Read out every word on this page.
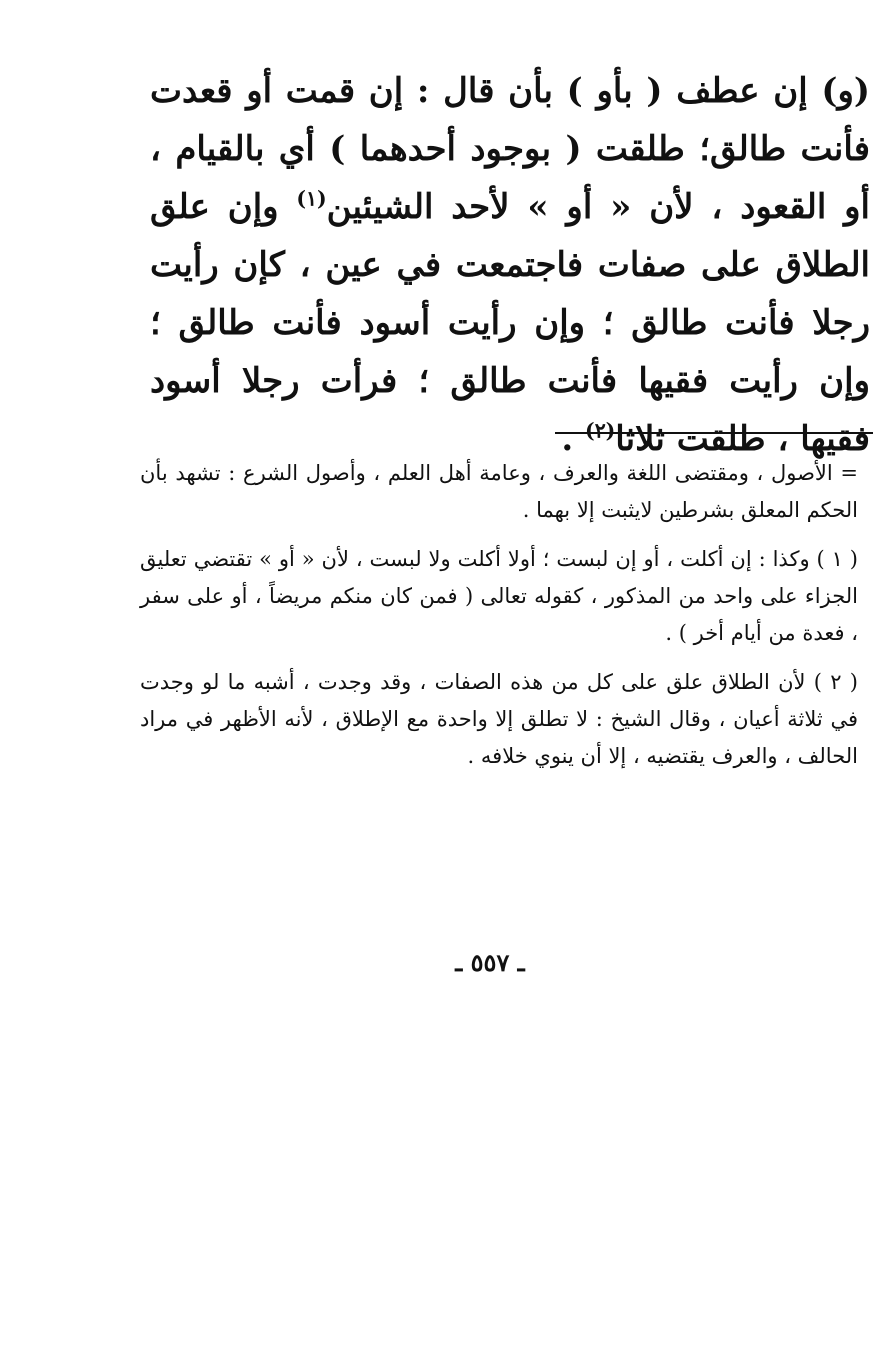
(و) إن عطف ( بأو ) بأن قال : إن قمت أو قعدت فأنت طالق؛ طلقت ( بوجود أحدهما ) أي بالقيام ، أو القعود ، لأن « أو » لأحد الشيئين$^{(١)}$ وإن علق الطلاق على صفات فاجتمعت في عين ، كإن رأيت رجلا فأنت طالق ؛ وإن رأيت أسود فأنت طالق ؛ وإن رأيت فقيها فأنت طالق ؛ فرأت رجلا أسود فقيها ، طلقت ثلاثا$^{(٢)}$ .

= الأصول ، ومقتضى اللغة والعرف ، وعامة أهل العلم ، وأصول الشرع : تشهد بأن الحكم المعلق بشرطين لايثبت إلا بهما .

( ١ ) وكذا : إن أكلت ، أو إن لبست ؛ أولا أكلت ولا لبست ، لأن « أو » تقتضي تعليق الجزاء على واحد من المذكور ، كقوله تعالى ( فمن كان منكم مريضاً ، أو على سفر ، فعدة من أيام أخر ) .

( ٢ ) لأن الطلاق علق على كل من هذه الصفات ، وقد وجدت ، أشبه ما لو وجدت في ثلاثة أعيان ، وقال الشيخ : لا تطلق إلا واحدة مع الإطلاق ، لأنه الأظهر في مراد الحالف ، والعرف يقتضيه ، إلا أن ينوي خلافه .

ـ ٥٥٧ ـ
